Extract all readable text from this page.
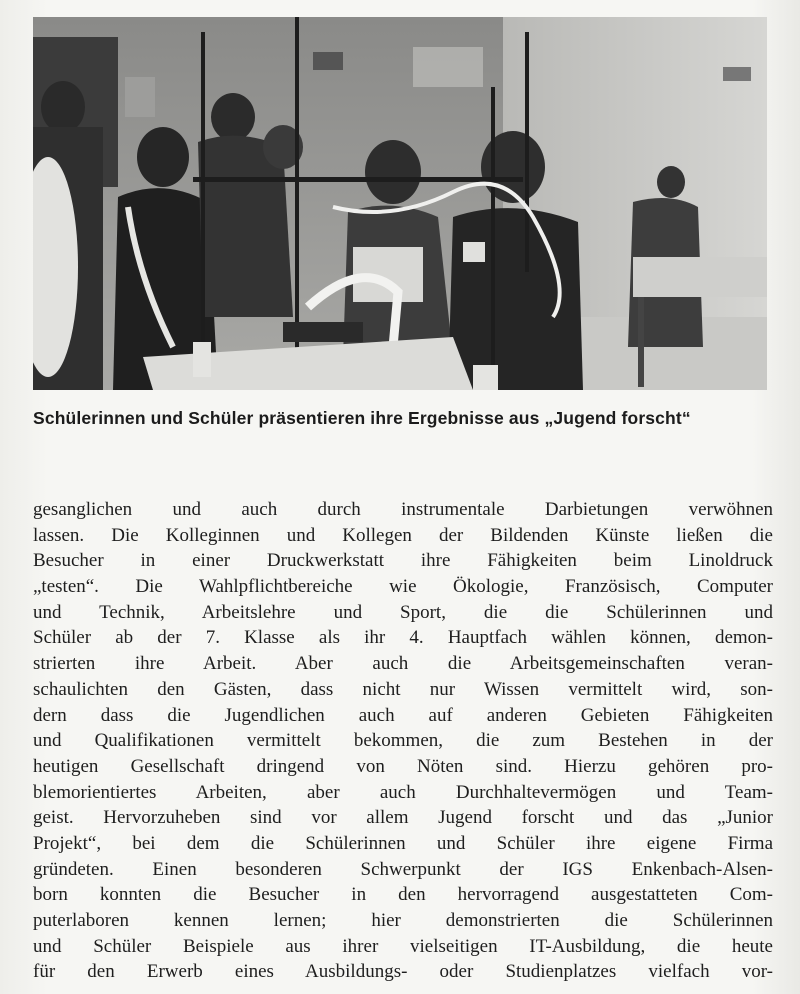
Schülerinnen und Schüler präsentieren ihre Ergebnisse aus „Jugend forscht“

gesanglichen und auch durch instrumentale Darbietungen verwöhnen
lassen. Die Kolleginnen und Kollegen der Bildenden Künste ließen die
Besucher in einer Druckwerkstatt ihre Fähigkeiten beim Linoldruck
„testen“. Die Wahlpflichtbereiche wie Ökologie, Französisch, Computer
und Technik, Arbeitslehre und Sport, die die Schülerinnen und
Schüler ab der 7. Klasse als ihr 4. Hauptfach wählen können, demon-
strierten ihre Arbeit. Aber auch die Arbeitsgemeinschaften veran-
schaulichten den Gästen, dass nicht nur Wissen vermittelt wird, son-
dern dass die Jugendlichen auch auf anderen Gebieten Fähigkeiten
und Qualifikationen vermittelt bekommen, die zum Bestehen in der
heutigen Gesellschaft dringend von Nöten sind. Hierzu gehören pro-
blemorientiertes Arbeiten, aber auch Durchhaltevermögen und Team-
geist. Hervorzuheben sind vor allem Jugend forscht und das „Junior
Projekt“, bei dem die Schülerinnen und Schüler ihre eigene Firma
gründeten. Einen besonderen Schwerpunkt der IGS Enkenbach-Alsen-
born konnten die Besucher in den hervorragend ausgestatteten Com-
puterlaboren kennen lernen; hier demonstrierten die Schülerinnen
und Schüler Beispiele aus ihrer vielseitigen IT-Ausbildung, die heute
für den Erwerb eines Ausbildungs- oder Studienplatzes vielfach vor-
